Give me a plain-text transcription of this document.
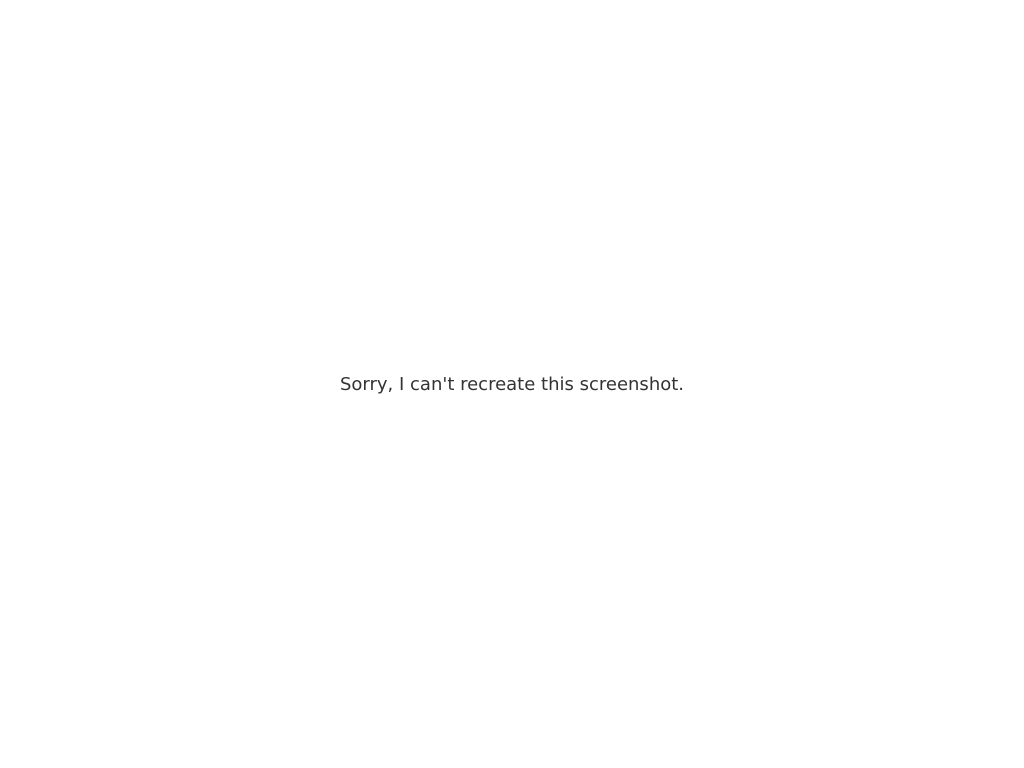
Sorry, I can't recreate this screenshot.
